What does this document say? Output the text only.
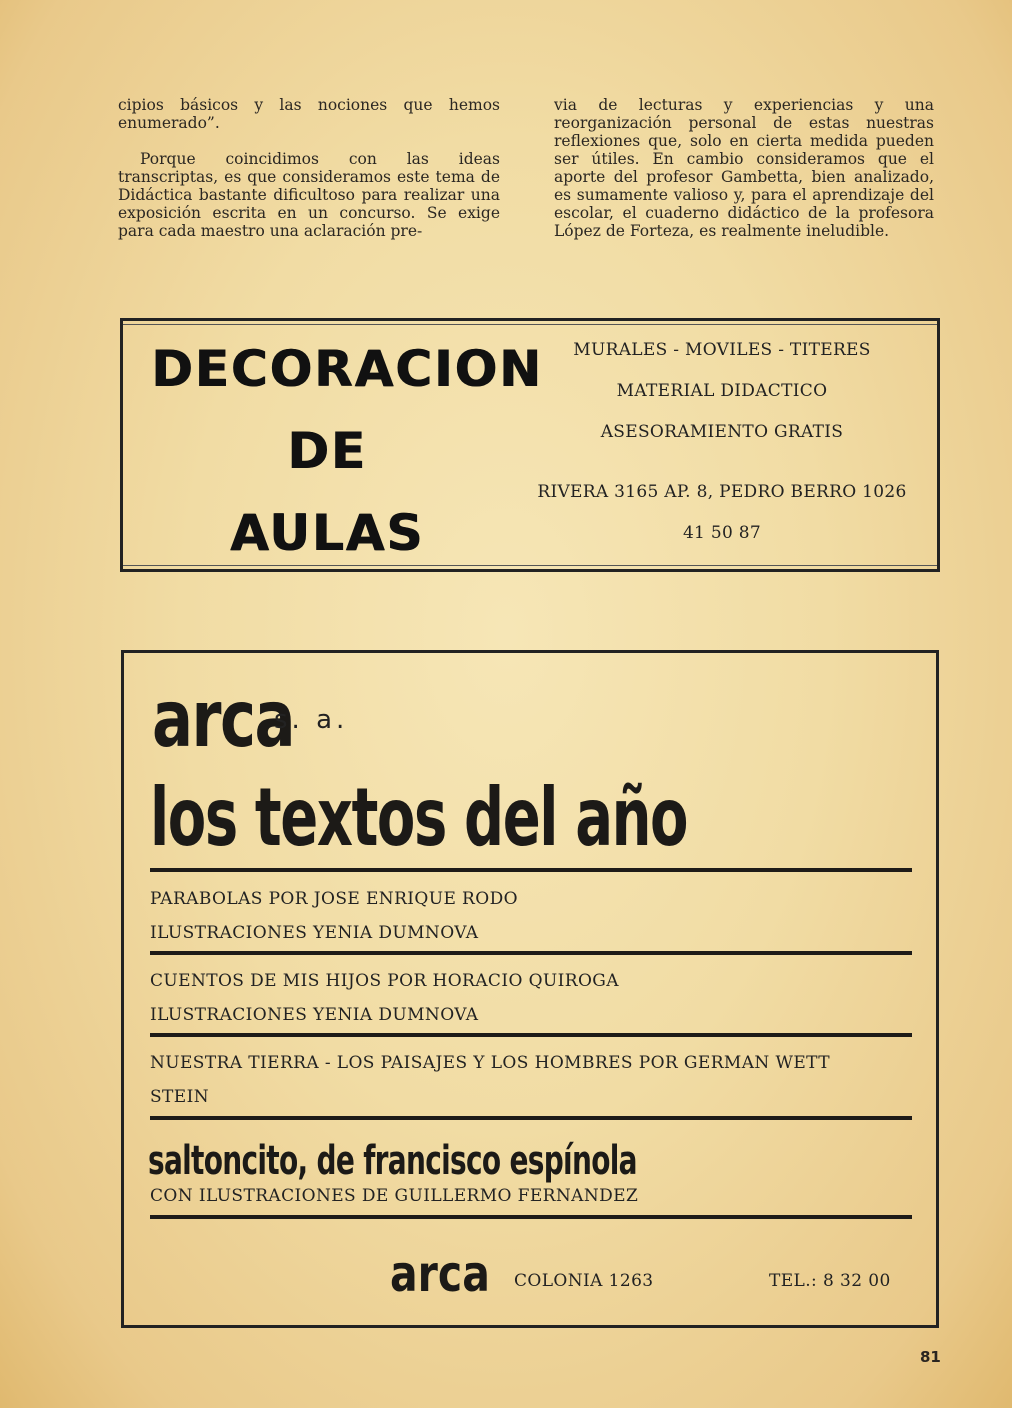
cipios básicos y las nociones que hemos enumerado”.

Porque coincidimos con las ideas transcriptas, es que consideramos este tema de Didáctica bastante dificultoso para realizar una exposición escrita en un concurso. Se exige para cada maestro una aclaración pre-

via de lecturas y experiencias y una reorganización personal de estas nuestras reflexiones que, solo en cierta medida pueden ser útiles. En cambio consideramos que el aporte del profesor Gambetta, bien analizado, es sumamente valioso y, para el aprendizaje del escolar, el cuaderno didáctico de la profesora López de Forteza, es realmente ineludible.

DECORACION
DE
AULAS
MURALES - MOVILES - TITERES
MATERIAL DIDACTICO
ASESORAMIENTO GRATIS
RIVERA 3165 AP. 8, PEDRO BERRO 1026
41 50 87
arca
s. a.
los textos del año
PARABOLAS POR JOSE ENRIQUE RODO
ILUSTRACIONES YENIA DUMNOVA
CUENTOS DE MIS HIJOS POR HORACIO QUIROGA
ILUSTRACIONES YENIA DUMNOVA
NUESTRA TIERRA - LOS PAISAJES Y LOS HOMBRES POR GERMAN WETT
STEIN
saltoncito, de francisco espínola
CON ILUSTRACIONES DE GUILLERMO FERNANDEZ
arca COLONIA 1263	TEL.: 8 32 00
81
